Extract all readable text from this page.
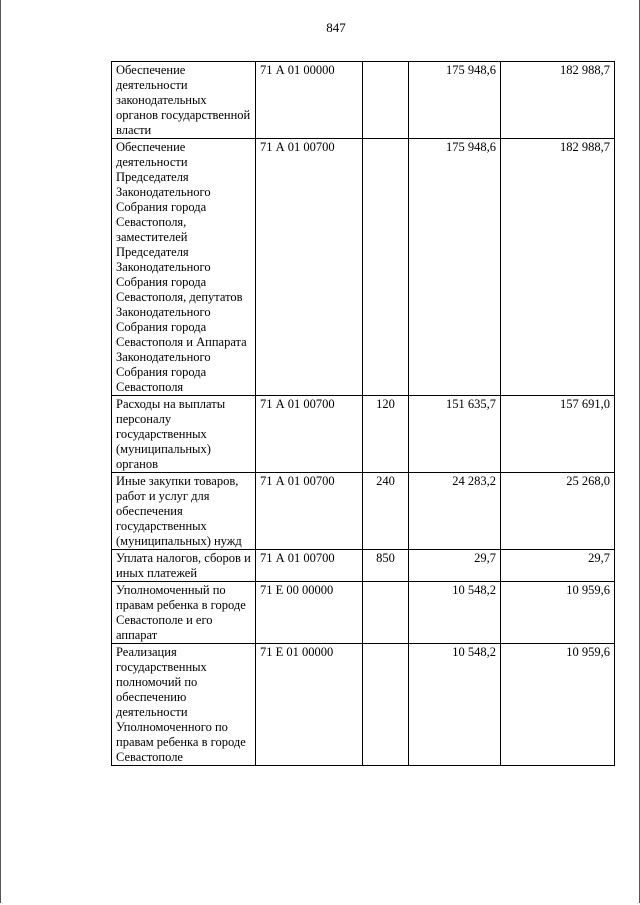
847
Обеспечение деятельности законодательных органов государственной власти	71 А 01 00000		175 948,6	182 988,7
Обеспечение деятельности Председателя Законодательного Собрания города Севастополя, заместителей Председателя Законодательного Собрания города Севастополя, депутатов Законодательного Собрания города Севастополя и Аппарата Законодательного Собрания города Севастополя	71 А 01 00700		175 948,6	182 988,7
Расходы на выплаты персоналу государственных (муниципальных) органов	71 А 01 00700	120	151 635,7	157 691,0
Иные закупки товаров, работ и услуг для обеспечения государственных (муниципальных) нужд	71 А 01 00700	240	24 283,2	25 268,0
Уплата налогов, сборов и иных платежей	71 А 01 00700	850	29,7	29,7
Уполномоченный по правам ребенка в городе Севастополе и его аппарат	71 Е 00 00000		10 548,2	10 959,6
Реализация государственных полномочий по обеспечению деятельности Уполномоченного по правам ребенка в городе Севастополе	71 Е 01 00000		10 548,2	10 959,6
